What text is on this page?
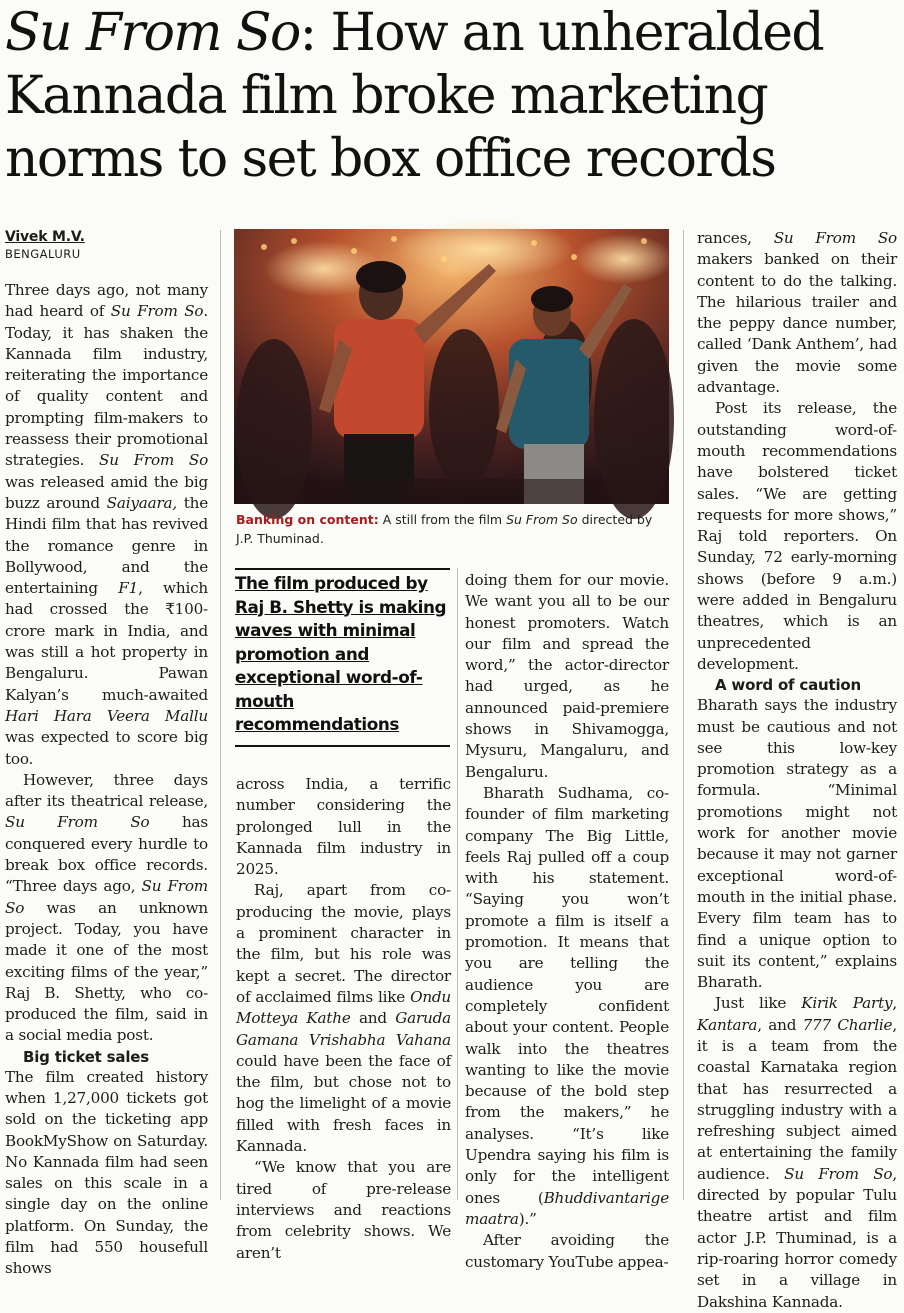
Su From So: How an unheralded Kannada film broke marketing norms to set box office records
Vivek M.V.
BENGALURU

Three days ago, not many had heard of Su From So. Today, it has shaken the Kannada film industry, reiterating the importance of quality content and prompting film-makers to reassess their promotional strategies. Su From So was released amid the big buzz around Saiyaara, the Hindi film that has revived the romance genre in Bollywood, and the entertaining F1, which had crossed the ₹100-crore mark in India, and was still a hot property in Bengaluru. Pawan Kalyan’s much-awaited Hari Hara Veera Mallu was expected to score big too.

However, three days after its theatrical release, Su From So has conquered every hurdle to break box office records. “Three days ago, Su From So was an unknown project. Today, you have made it one of the most exciting films of the year,” Raj B. Shetty, who co-produced the film, said in a social media post.

Big ticket sales

The film created history when 1,27,000 tickets got sold on the ticketing app BookMyShow on Saturday. No Kannada film had seen sales on this scale in a single day on the online platform. On Sunday, the film had 550 housefull shows

Banking on content: A still from the film Su From So directed by J.P. Thuminad.
The film produced by Raj B. Shetty is making waves with minimal promotion and exceptional word-of-mouth recommendations

across India, a terrific number considering the prolonged lull in the Kannada film industry in 2025.

Raj, apart from co-producing the movie, plays a prominent character in the film, but his role was kept a secret. The director of acclaimed films like Ondu Motteya Kathe and Garuda Gamana Vrishabha Vahana could have been the face of the film, but chose not to hog the limelight of a movie filled with fresh faces in Kannada.

“We know that you are tired of pre-release interviews and reactions from celebrity shows. We aren’t

doing them for our movie. We want you all to be our honest promoters. Watch our film and spread the word,” the actor-director had urged, as he announced paid-premiere shows in Shivamogga, Mysuru, Mangaluru, and Bengaluru.

Bharath Sudhama, co-founder of film marketing company The Big Little, feels Raj pulled off a coup with his statement. “Saying you won’t promote a film is itself a promotion. It means that you are telling the audience you are completely confident about your content. People walk into the theatres wanting to like the movie because of the bold step from the makers,” he analyses. “It’s like Upendra saying his film is only for the intelligent ones (Bhuddivantarige maatra).”

After avoiding the customary YouTube appea-

rances, Su From So makers banked on their content to do the talking. The hilarious trailer and the peppy dance number, called ‘Dank Anthem’, had given the movie some advantage.

Post its release, the outstanding word-of-mouth recommendations have bolstered ticket sales. “We are getting requests for more shows,” Raj told reporters. On Sunday, 72 early-morning shows (before 9 a.m.) were added in Bengaluru theatres, which is an unprecedented development.

A word of caution

Bharath says the industry must be cautious and not see this low-key promotion strategy as a formula. “Minimal promotions might not work for another movie because it may not garner exceptional word-of-mouth in the initial phase. Every film team has to find a unique option to suit its content,” explains Bharath.

Just like Kirik Party, Kantara, and 777 Charlie, it is a team from the coastal Karnataka region that has resurrected a struggling industry with a refreshing subject aimed at entertaining the family audience. Su From So, directed by popular Tulu theatre artist and film actor J.P. Thuminad, is a rip-roaring horror comedy set in a village in Dakshina Kannada.
